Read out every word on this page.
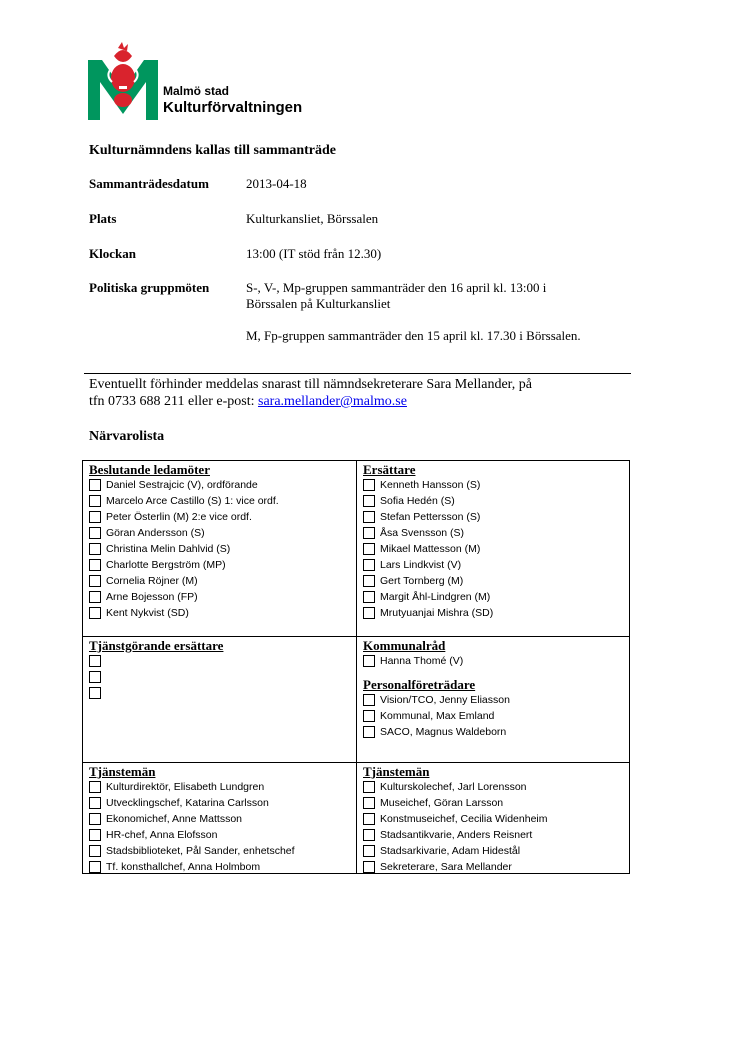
Malmö stad
Kulturförvaltningen
Kulturnämndens kallas till sammanträde
Sammanträdesdatum	2013-04-18
Plats	Kulturkansliet, Börssalen
Klockan	13:00 (IT stöd från 12.30)
Politiska gruppmöten	S-, V-, Mp-gruppen sammanträder den 16 april kl. 13:00 i
Börssalen på Kulturkansliet
M, Fp-gruppen sammanträder den 15 april kl. 17.30 i Börssalen.
Eventuellt förhinder meddelas snarast till nämndsekreterare Sara Mellander, på
tfn 0733 688 211 eller e-post: sara.mellander@malmo.se
Närvarolista
Beslutande ledamöter
Daniel Sestrajcic (V), ordförande
Marcelo Arce Castillo (S) 1: vice ordf.
Peter Österlin (M) 2:e vice ordf.
Göran Andersson (S)
Christina Melin Dahlvid (S)
Charlotte Bergström (MP)
Cornelia Röjner (M)
Arne Bojesson (FP)
Kent Nykvist (SD)
Ersättare
Kenneth Hansson (S)
Sofia Hedén (S)
Stefan Pettersson (S)
Åsa Svensson (S)
Mikael Mattesson (M)
Lars Lindkvist (V)
Gert Tornberg (M)
Margit Åhl-Lindgren (M)
Mrutyuanjai Mishra (SD)
Tjänstgörande ersättare	Kommunalråd
Hanna Thomé (V)
Personalföreträdare
Vision/TCO, Jenny Eliasson
Kommunal, Max Emland
SACO, Magnus Waldeborn
Tjänstemän
Kulturdirektör, Elisabeth Lundgren
Utvecklingschef, Katarina Carlsson
Ekonomichef, Anne Mattsson
HR-chef, Anna Elofsson
Stadsbiblioteket, Pål Sander, enhetschef
Tf. konsthallchef, Anna Holmbom
Tjänstemän
Kulturskolechef, Jarl Lorensson
Museichef, Göran Larsson
Konstmuseichef, Cecilia Widenheim
Stadsantikvarie, Anders Reisnert
Stadsarkivarie, Adam Hidestål
Sekreterare, Sara Mellander
